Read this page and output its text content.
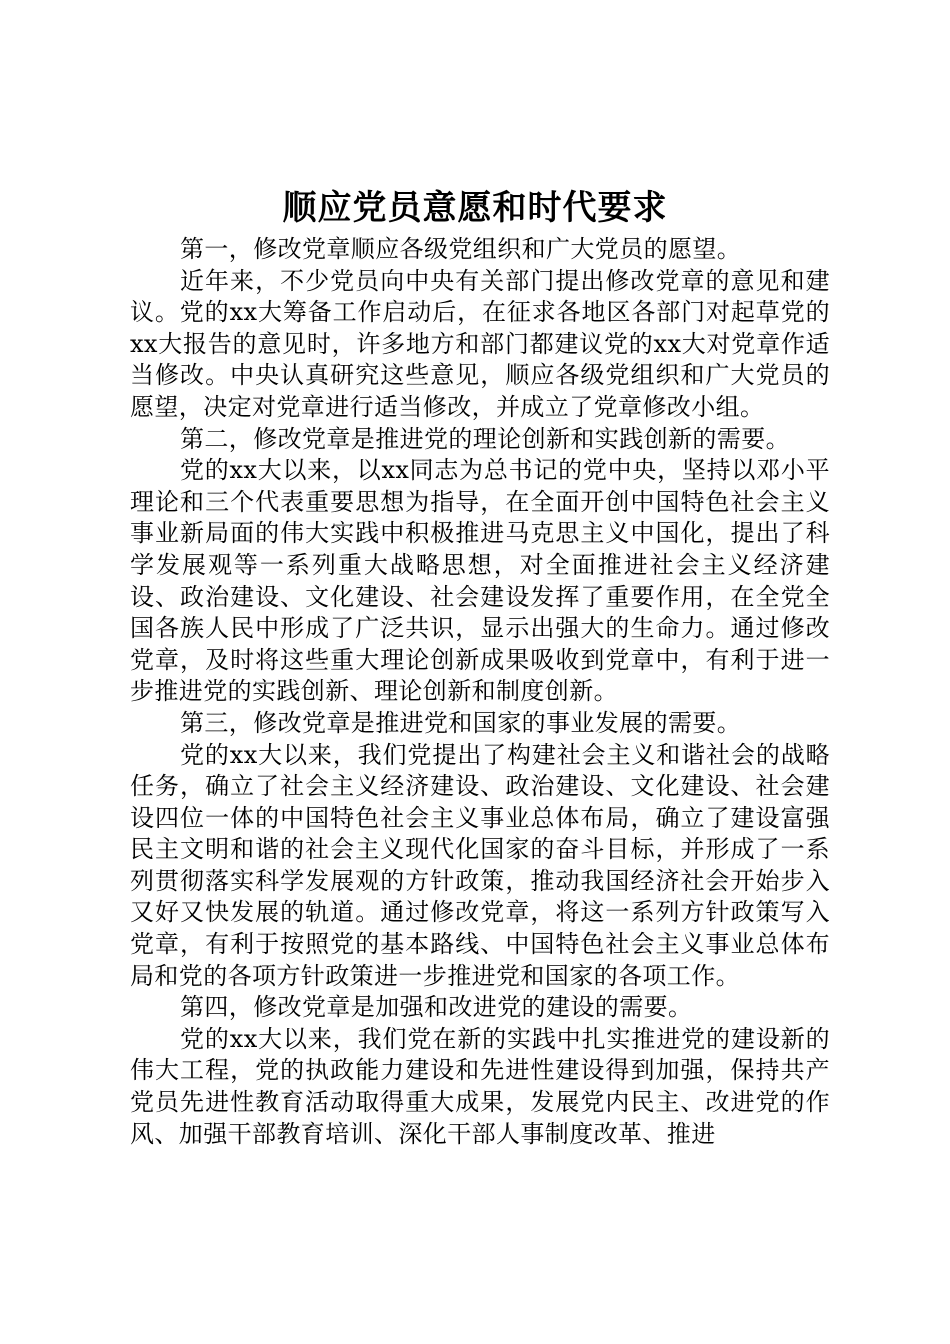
顺应党员意愿和时代要求

第一，修改党章顺应各级党组织和广大党员的愿望。

近年来，不少党员向中央有关部门提出修改党章的意见和建议。党的xx大筹备工作启动后，在征求各地区各部门对起草党的xx大报告的意见时，许多地方和部门都建议党的xx大对党章作适当修改。中央认真研究这些意见，顺应各级党组织和广大党员的愿望，决定对党章进行适当修改，并成立了党章修改小组。

第二，修改党章是推进党的理论创新和实践创新的需要。

党的xx大以来，以xx同志为总书记的党中央，坚持以邓小平理论和三个代表重要思想为指导，在全面开创中国特色社会主义事业新局面的伟大实践中积极推进马克思主义中国化，提出了科学发展观等一系列重大战略思想，对全面推进社会主义经济建设、政治建设、文化建设、社会建设发挥了重要作用，在全党全国各族人民中形成了广泛共识，显示出强大的生命力。通过修改党章，及时将这些重大理论创新成果吸收到党章中，有利于进一步推进党的实践创新、理论创新和制度创新。

第三，修改党章是推进党和国家的事业发展的需要。

党的xx大以来，我们党提出了构建社会主义和谐社会的战略任务，确立了社会主义经济建设、政治建设、文化建设、社会建设四位一体的中国特色社会主义事业总体布局，确立了建设富强民主文明和谐的社会主义现代化国家的奋斗目标，并形成了一系列贯彻落实科学发展观的方针政策，推动我国经济社会开始步入又好又快发展的轨道。通过修改党章，将这一系列方针政策写入党章，有利于按照党的基本路线、中国特色社会主义事业总体布局和党的各项方针政策进一步推进党和国家的各项工作。

第四，修改党章是加强和改进党的建设的需要。

党的xx大以来，我们党在新的实践中扎实推进党的建设新的伟大工程，党的执政能力建设和先进性建设得到加强，保持共产党员先进性教育活动取得重大成果，发展党内民主、改进党的作风、加强干部教育培训、深化干部人事制度改革、推进
